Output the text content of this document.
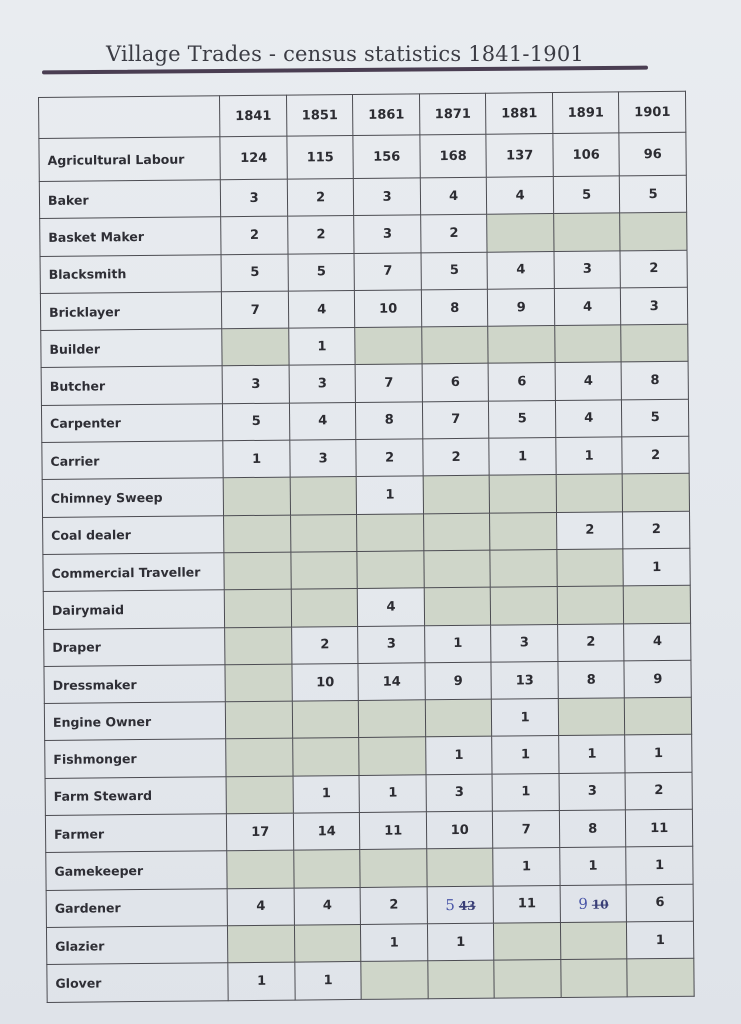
Village Trades - census statistics 1841-1901
	1841	1851	1861	1871	1881	1891	1901
Agricultural Labour	124	115	156	168	137	106	96
Baker	3	2	3	4	4	5	5
Basket Maker	2	2	3	2			
Blacksmith	5	5	7	5	4	3	2
Bricklayer	7	4	10	8	9	4	3
Builder		1					
Butcher	3	3	7	6	6	4	8
Carpenter	5	4	8	7	5	4	5
Carrier	1	3	2	2	1	1	2
Chimney Sweep			1				
Coal dealer						2	2
Commercial Traveller							1
Dairymaid			4				
Draper		2	3	1	3	2	4
Dressmaker		10	14	9	13	8	9
Engine Owner					1		
Fishmonger				1	1	1	1
Farm Steward		1	1	3	1	3	2
Farmer	17	14	11	10	7	8	11
Gamekeeper					1	1	1
Gardener	4	4	2	5 43	11	9 10	6
Glazier			1	1			1
Glover	1	1					
